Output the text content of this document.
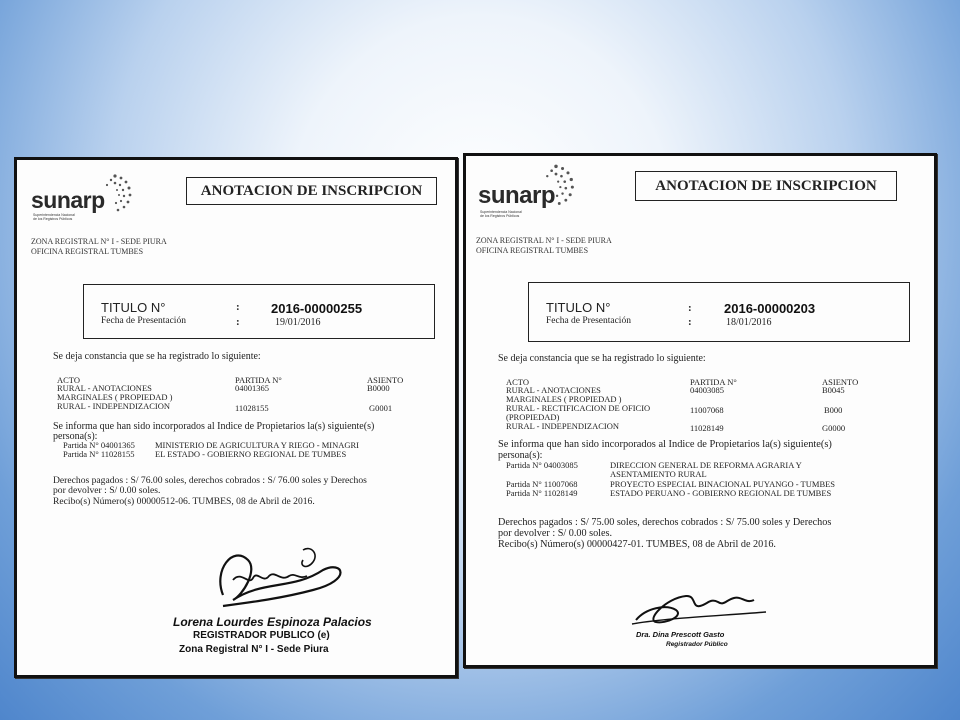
sunarp
Superintendencia Nacional
de los Registros Públicos
ANOTACION DE INSCRIPCION
ZONA REGISTRAL N° I - SEDE PIURA
OFICINA REGISTRAL TUMBES
TITULO N°	: 2016-00000255
Fecha de Presentación	:	19/01/2016
Se deja constancia que se ha registrado lo siguiente:
ACTO	PARTIDA N°	ASIENTO
RURAL - ANOTACIONES	04001365	B0000
MARGINALES ( PROPIEDAD )
RURAL - INDEPENDIZACION	11028155	G0001
Se informa que han sido incorporados al Indice de Propietarios la(s) siguiente(s)
persona(s):
Partida N° 04001365 MINISTERIO DE AGRICULTURA Y RIEGO - MINAGRI
Partida N° 11028155 EL ESTADO - GOBIERNO REGIONAL DE TUMBES
Derechos pagados : S/ 76.00 soles, derechos cobrados : S/ 76.00 soles y Derechos
por devolver : S/ 0.00 soles.
Recibo(s) Número(s) 00000512-06. TUMBES, 08 de Abril de 2016.
Lorena Lourdes Espinoza Palacios
REGISTRADOR PUBLICO (e)
Zona Registral N° I - Sede Piura
sunarp
Superintendencia Nacional
de los Registros Públicos
ANOTACION DE INSCRIPCION
ZONA REGISTRAL N° I - SEDE PIURA
OFICINA REGISTRAL TUMBES
TITULO N°	: 2016-00000203
Fecha de Presentación	:	18/01/2016
Se deja constancia que se ha registrado lo siguiente:
ACTO	PARTIDA N°	ASIENTO
RURAL - ANOTACIONES	04003085	B0045
MARGINALES ( PROPIEDAD )
RURAL - RECTIFICACION DE OFICIO	11007068	B000
(PROPIEDAD)
RURAL - INDEPENDIZACION	11028149	G0000
Se informa que han sido incorporados al Indice de Propietarios la(s) siguiente(s)
persona(s):
Partida N° 04003085	DIRECCION GENERAL DE REFORMA AGRARIA Y
ASENTAMIENTO RURAL
Partida N° 11007068	PROYECTO ESPECIAL BINACIONAL PUYANGO - TUMBES
Partida N° 11028149	ESTADO PERUANO - GOBIERNO REGIONAL DE TUMBES
Derechos pagados : S/ 75.00 soles, derechos cobrados : S/ 75.00 soles y Derechos
por devolver : S/ 0.00 soles.
Recibo(s) Número(s) 00000427-01. TUMBES, 08 de Abril de 2016.
Dra. Dina Prescott Gasto
Registrador Público
